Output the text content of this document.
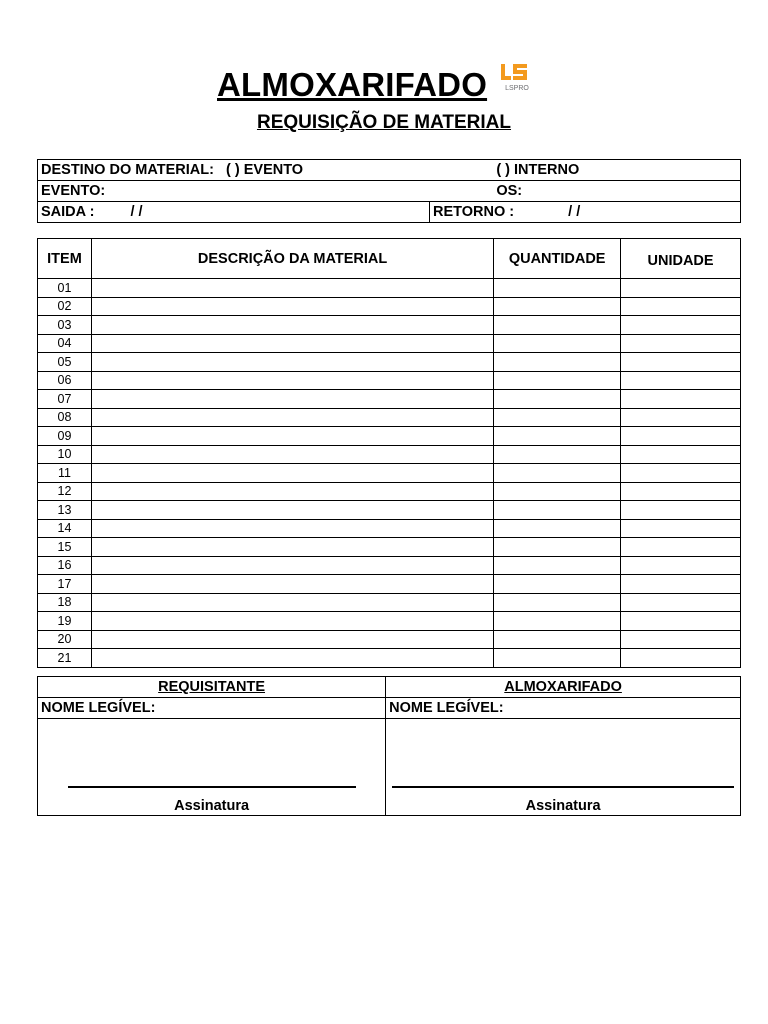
ALMOXARIFADO	LSPRO
REQUISIÇÃO DE MATERIAL
DESTINO DO MATERIAL: ( ) EVENTO		( ) INTERNO
EVENTO:		OS:
SAIDA : / /	RETORNO : / /	
ITEM	DESCRIÇÃO DA MATERIAL	QUANTIDADE	UNIDADE
01			
02			
03			
04			
05			
06			
07			
08			
09			
10			
11			
12			
13			
14			
15			
16			
17			
18			
19			
20			
21			
REQUISITANTE	ALMOXARIFADO
NOME LEGÍVEL:	NOME LEGÍVEL:

Assinatura	Assinatura
